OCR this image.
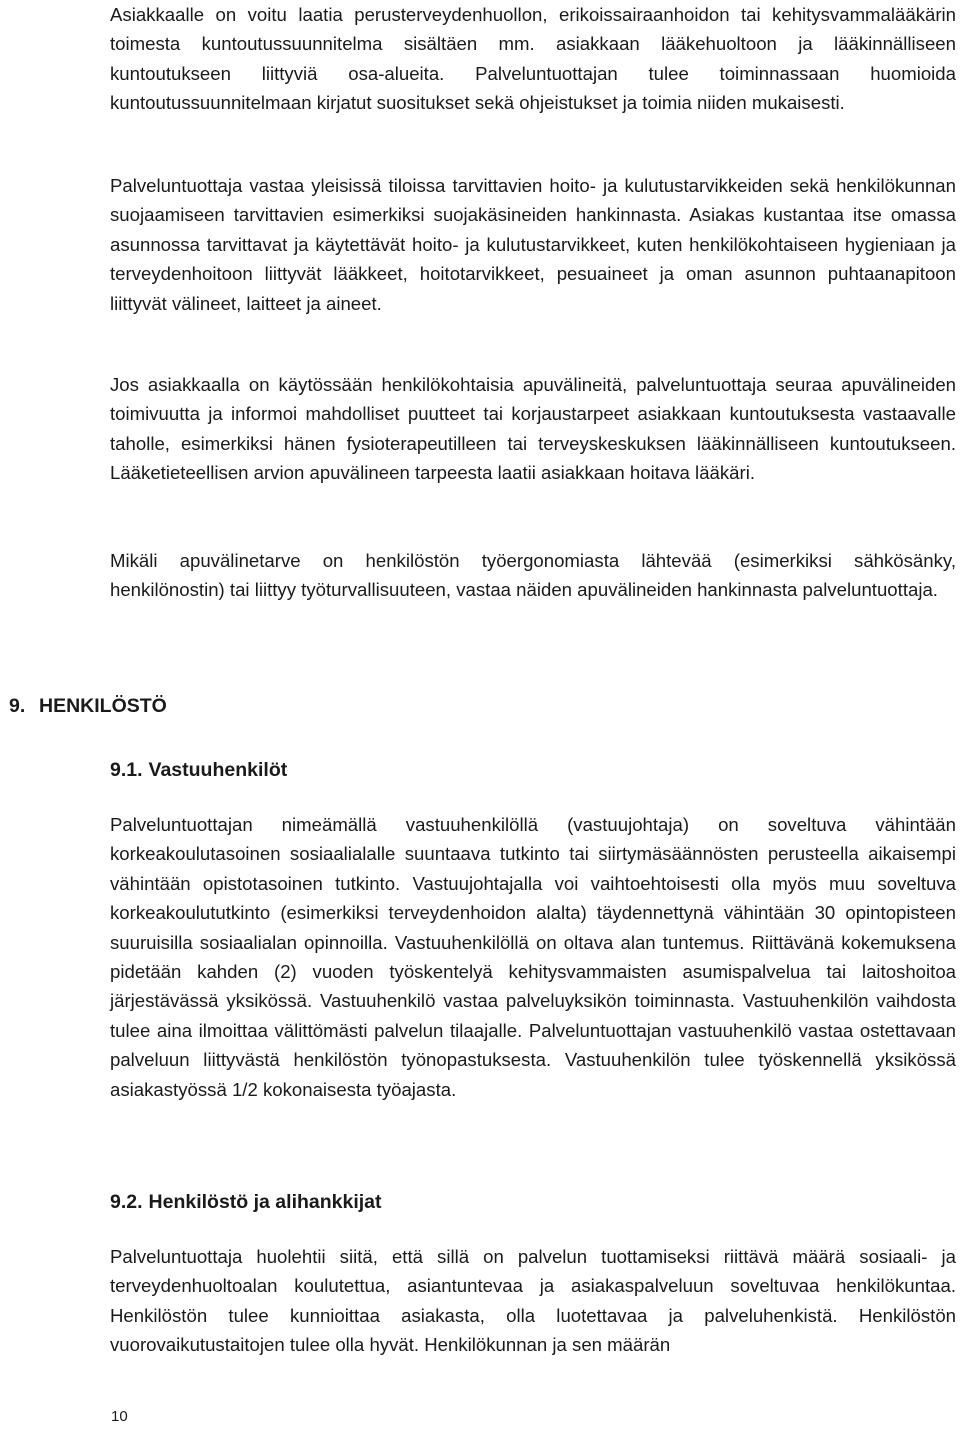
Asiakkaalle on voitu laatia perusterveydenhuollon, erikoissairaanhoidon tai kehitysvammalääkärin toimesta kuntoutussuunnitelma sisältäen mm. asiakkaan lääkehuoltoon ja lääkinnälliseen kuntoutukseen liittyviä osa-alueita. Palveluntuottajan tulee toiminnassaan huomioida kuntoutussuunnitelmaan kirjatut suositukset sekä ohjeistukset ja toimia niiden mukaisesti.

Palveluntuottaja vastaa yleisissä tiloissa tarvittavien hoito- ja kulutustarvikkeiden sekä henkilökunnan suojaamiseen tarvittavien esimerkiksi suojakäsineiden hankinnasta. Asiakas kustantaa itse omassa asunnossa tarvittavat ja käytettävät hoito- ja kulutustarvikkeet, kuten henkilökohtaiseen hygieniaan ja terveydenhoitoon liittyvät lääkkeet, hoitotarvikkeet, pesuaineet ja oman asunnon puhtaanapitoon liittyvät välineet, laitteet ja aineet.

Jos asiakkaalla on käytössään henkilökohtaisia apuvälineitä, palveluntuottaja seuraa apuvälineiden toimivuutta ja informoi mahdolliset puutteet tai korjaustarpeet asiakkaan kuntoutuksesta vastaavalle taholle, esimerkiksi hänen fysioterapeutilleen tai terveyskeskuksen lääkinnälliseen kuntoutukseen. Lääketieteellisen arvion apuvälineen tarpeesta laatii asiakkaan hoitava lääkäri.

Mikäli apuvälinetarve on henkilöstön työergonomiasta lähtevää (esimerkiksi sähkösänky, henkilönostin) tai liittyy työturvallisuuteen, vastaa näiden apuvälineiden hankinnasta palveluntuottaja.

9. HENKILÖSTÖ
9.1. Vastuuhenkilöt

Palveluntuottajan nimeämällä vastuuhenkilöllä (vastuujohtaja) on soveltuva vähintään korkeakoulutasoinen sosiaalialalle suuntaava tutkinto tai siirtymäsäännösten perusteella aikaisempi vähintään opistotasoinen tutkinto. Vastuujohtajalla voi vaihtoehtoisesti olla myös muu soveltuva korkeakoulututkinto (esimerkiksi terveydenhoidon alalta) täydennettynä vähintään 30 opintopisteen suuruisilla sosiaalialan opinnoilla. Vastuuhenkilöllä on oltava alan tuntemus. Riittävänä kokemuksena pidetään kahden (2) vuoden työskentelyä kehitysvammaisten asumispalvelua tai laitoshoitoa järjestävässä yksikössä. Vastuuhenkilö vastaa palveluyksikön toiminnasta. Vastuuhenkilön vaihdosta tulee aina ilmoittaa välittömästi palvelun tilaajalle. Palveluntuottajan vastuuhenkilö vastaa ostettavaan palveluun liittyvästä henkilöstön työnopastuksesta. Vastuuhenkilön tulee työskennellä yksikössä asiakastyössä 1/2 kokonaisesta työajasta.

9.2. Henkilöstö ja alihankkijat

Palveluntuottaja huolehtii siitä, että sillä on palvelun tuottamiseksi riittävä määrä sosiaali- ja terveydenhuoltoalan koulutettua, asiantuntevaa ja asiakaspalveluun soveltuvaa henkilökuntaa. Henkilöstön tulee kunnioittaa asiakasta, olla luotettavaa ja palveluhenkistä. Henkilöstön vuorovaikutustaitojen tulee olla hyvät. Henkilökunnan ja sen määrän

10
